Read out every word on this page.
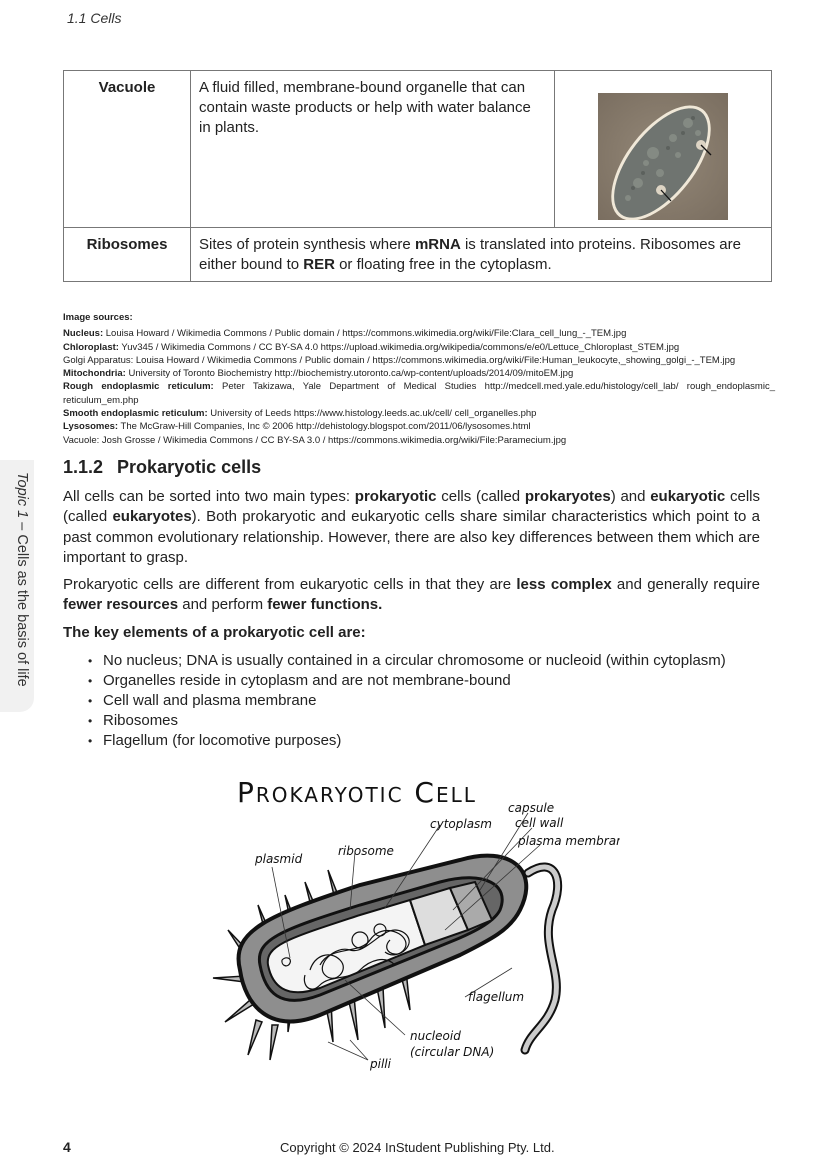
1.1 Cells
Vacuole	A fluid filled, membrane-bound organelle that can contain waste products or help with water balance in plants.	

Ribosomes	Sites of protein synthesis where mRNA is translated into proteins. Ribosomes are either bound to RER or floating free in the cytoplasm.	
Image sources:
Nucleus: Louisa Howard / Wikimedia Commons / Public domain / https://commons.wikimedia.org/wiki/File:Clara_cell_lung_-_TEM.jpg
Chloroplast: Yuv345 / Wikimedia Commons / CC BY-SA 4.0 https://upload.wikimedia.org/wikipedia/commons/e/e0/Lettuce_Chloroplast_STEM.jpg
Golgi Apparatus: Louisa Howard / Wikimedia Commons / Public domain / https://commons.wikimedia.org/wiki/File:Human_leukocyte,_showing_golgi_-_TEM.jpg
Mitochondria: University of Toronto Biochemistry http://biochemistry.utoronto.ca/wp-content/uploads/2014/09/mitoEM.jpg
Rough endoplasmic reticulum: Peter Takizawa, Yale Department of Medical Studies http://medcell.med.yale.edu/histology/cell_lab/ rough_endoplasmic_ reticulum_em.php
Smooth endoplasmic reticulum: University of Leeds https://www.histology.leeds.ac.uk/cell/ cell_organelles.php
Lysosomes: The McGraw-Hill Companies, Inc © 2006 http://dehistology.blogspot.com/2011/06/lysosomes.html
Vacuole: Josh Grosse / Wikimedia Commons / CC BY-SA 3.0 / https://commons.wikimedia.org/wiki/File:Paramecium.jpg
Topic 1 – Cells as the basis of life
1.1.2 Prokaryotic cells
All cells can be sorted into two main types: prokaryotic cells (called prokaryotes) and eukaryotic cells (called eukaryotes). Both prokaryotic and eukaryotic cells share similar characteristics which point to a past common evolutionary relationship. However, there are also key differences between them which are important to grasp.
Prokaryotic cells are different from eukaryotic cells in that they are less complex and generally require fewer resources and perform fewer functions.
The key elements of a prokaryotic cell are:
• No nucleus; DNA is usually contained in a circular chromosome or nucleoid (within cytoplasm)
• Organelles reside in cytoplasm and are not membrane-bound
• Cell wall and plasma membrane
• Ribosomes
• Flagellum (for locomotive purposes)
Prokaryotic Cell	capsule
cytoplasm cell wall
plasma membrane
plasmid
ribosome
flagellum
nucleoid
(circular DNA)
pilli
4	Copyright © 2024 InStudent Publishing Pty. Ltd.
